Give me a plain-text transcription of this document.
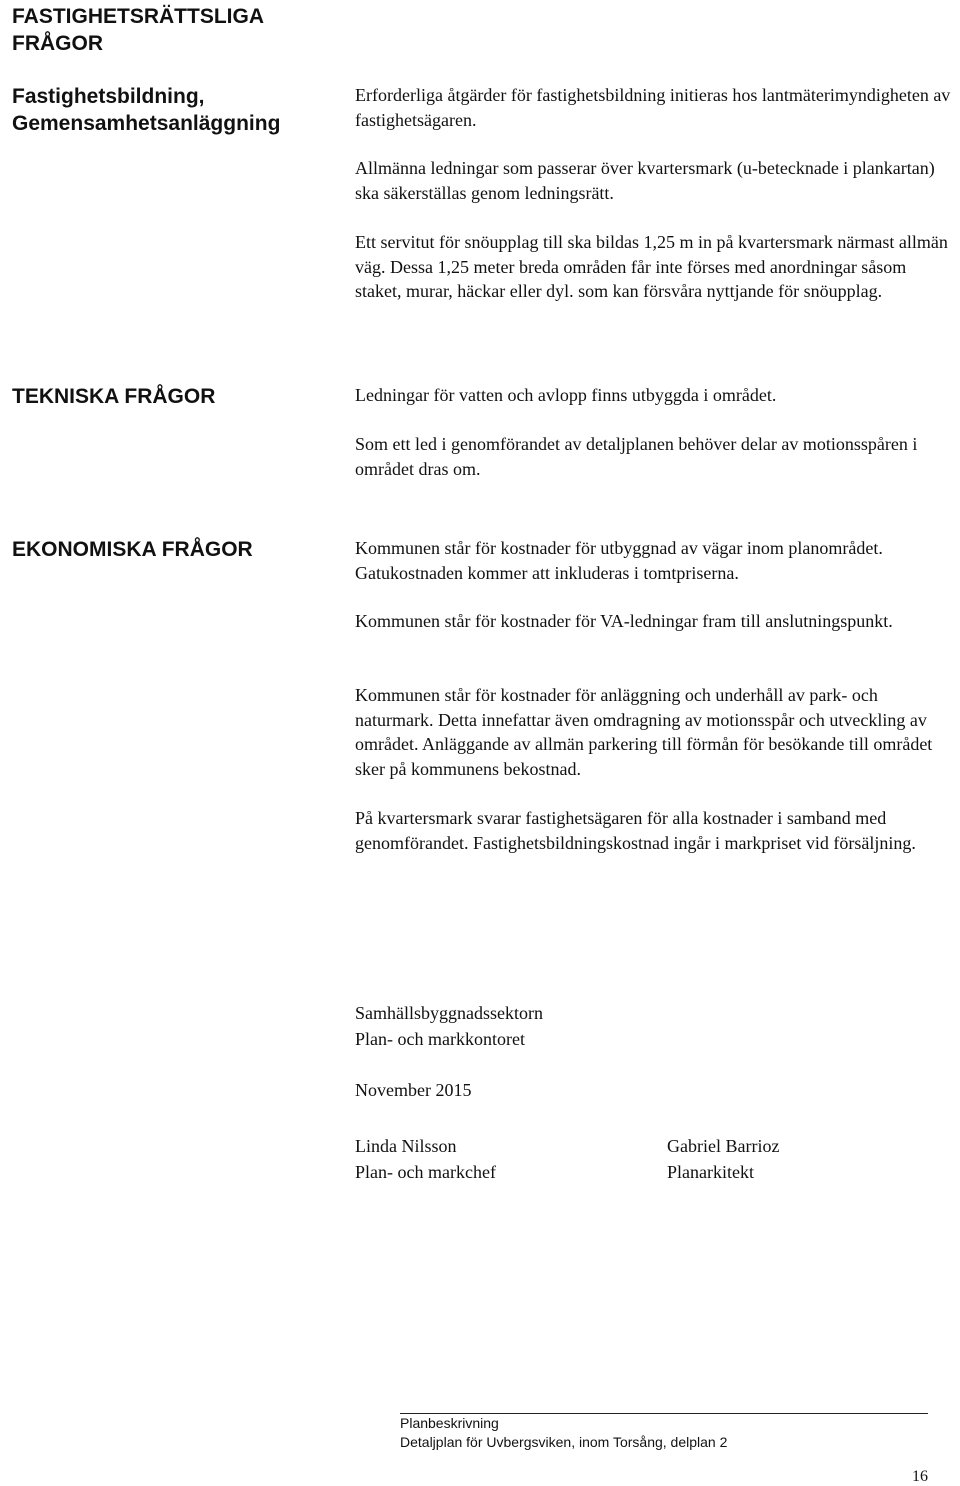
FASTIGHETSRÄTTSLIGA
FRÅGOR
Fastighetsbildning,
Gemensamhetsanläggning

Erforderliga åtgärder för fastighetsbildning initieras hos lantmäterimyndigheten av fastighetsägaren.

Allmänna ledningar som passerar över kvartersmark (u-betecknade i plankartan) ska säkerställas genom ledningsrätt.

Ett servitut för snöupplag till ska bildas 1,25 m in på kvartersmark närmast allmän väg. Dessa 1,25 meter breda områden får inte förses med anordningar såsom staket, murar, häckar eller dyl. som kan försvåra nyttjande för snöupplag.

TEKNISKA FRÅGOR	Ledningar för vatten och avlopp finns utbyggda i området.

Som ett led i genomförandet av detaljplanen behöver delar av motionsspåren i området dras om.

EKONOMISKA FRÅGOR	Kommunen står för kostnader för utbyggnad av vägar inom planområdet. Gatukostnaden kommer att inkluderas i tomtpriserna.

Kommunen står för kostnader för VA-ledningar fram till anslutningspunkt.

Kommunen står för kostnader för anläggning och underhåll av park- och naturmark. Detta innefattar även omdragning av motionsspår och utveckling av området. Anläggande av allmän parkering till förmån för besökande till området sker på kommunens bekostnad.

På kvartersmark svarar fastighetsägaren för alla kostnader i samband med genomförandet. Fastighetsbildningskostnad ingår i markpriset vid försäljning.

Samhällsbyggnadssektorn
Plan- och markkontoret
November 2015
Linda Nilsson
Plan- och markchef
Gabriel Barrioz
Planarkitekt

Planbeskrivning

Detaljplan för Uvbergsviken, inom Torsång, delplan 2

16
